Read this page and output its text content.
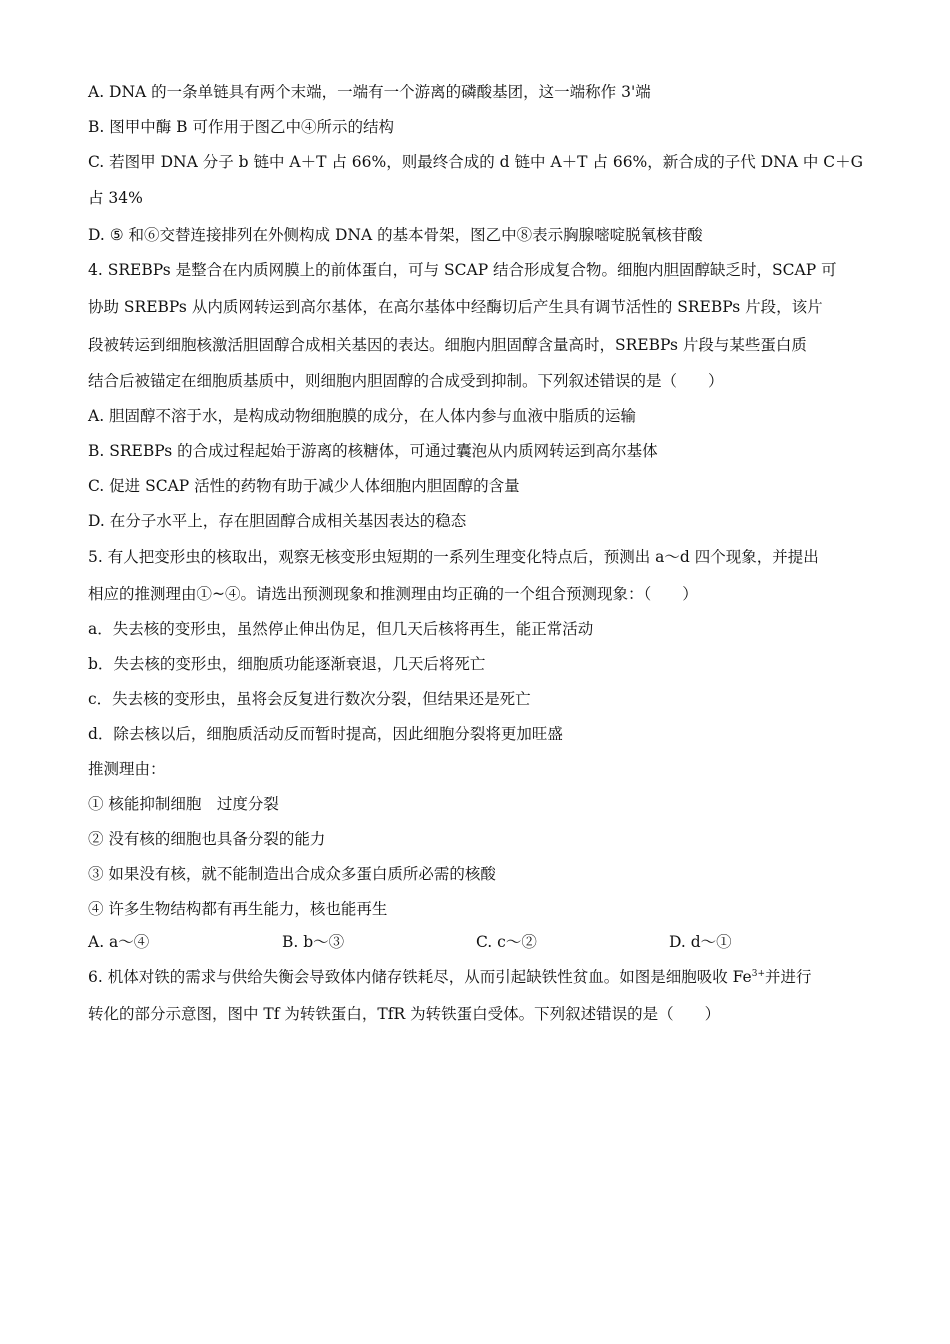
A. DNA 的一条单链具有两个末端，一端有一个游离的磷酸基团，这一端称作 3'端
B. 图甲中酶 B 可作用于图乙中④所示的结构
C. 若图甲 DNA 分子 b 链中 A＋T 占 66%，则最终合成的 d 链中 A＋T 占 66%，新合成的子代 DNA 中 C＋G
占 34%
D. ⑤ 和⑥交替连接排列在外侧构成 DNA 的基本骨架，图乙中⑧表示胸腺嘧啶脱氧核苷酸
4. SREBPs 是整合在内质网膜上的前体蛋白，可与 SCAP 结合形成复合物。细胞内胆固醇缺乏时，SCAP 可
协助 SREBPs 从内质网转运到高尔基体，在高尔基体中经酶切后产生具有调节活性的 SREBPs 片段，该片
段被转运到细胞核激活胆固醇合成相关基因的表达。细胞内胆固醇含量高时，SREBPs 片段与某些蛋白质
结合后被锚定在细胞质基质中，则细胞内胆固醇的合成受到抑制。下列叙述错误的是（　　）
A. 胆固醇不溶于水，是构成动物细胞膜的成分，在人体内参与血液中脂质的运输
B. SREBPs 的合成过程起始于游离的核糖体，可通过囊泡从内质网转运到高尔基体
C. 促进 SCAP 活性的药物有助于减少人体细胞内胆固醇的含量
D. 在分子水平上，存在胆固醇合成相关基因表达的稳态
5. 有人把变形虫的核取出，观察无核变形虫短期的一系列生理变化特点后，预测出 a～d 四个现象，并提出
相应的推测理由①~④。请选出预测现象和推测理由均正确的一个组合预测现象：（　　）
a．失去核的变形虫，虽然停止伸出伪足，但几天后核将再生，能正常活动
b．失去核的变形虫，细胞质功能逐渐衰退，几天后将死亡
c．失去核的变形虫，虽将会反复进行数次分裂，但结果还是死亡
d．除去核以后，细胞质活动反而暂时提高，因此细胞分裂将更加旺盛
推测理由：
① 核能抑制细胞　过度分裂
② 没有核的细胞也具备分裂的能力
③ 如果没有核，就不能制造出合成众多蛋白质所必需的核酸
④ 许多生物结构都有再生能力，核也能再生
A. a～④	B. b～③	C. c～②	D. d～①
6. 机体对铁的需求与供给失衡会导致体内储存铁耗尽，从而引起缺铁性贫血。如图是细胞吸收 $Fe^{3+}$并进行
转化的部分示意图，图中 Tf 为转铁蛋白，TfR 为转铁蛋白受体。下列叙述错误的是（　　）
